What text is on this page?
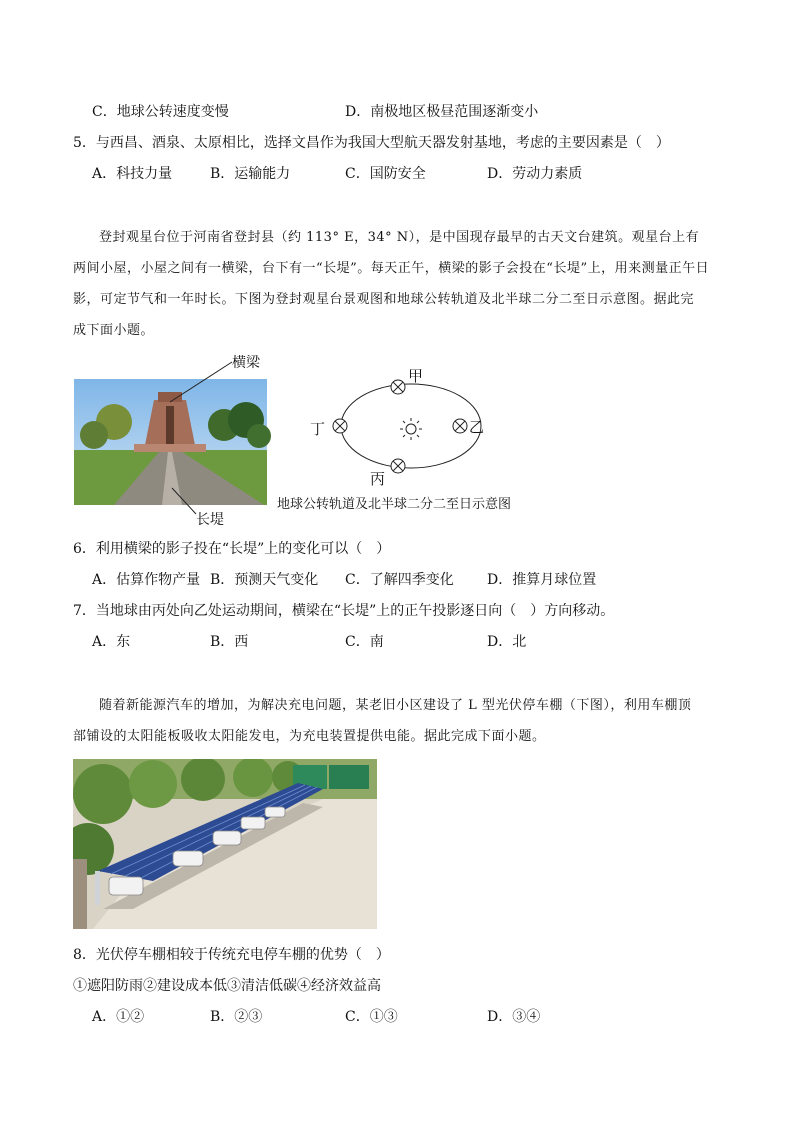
C．地球公转速度变慢	D．南极地区极昼范围逐渐变小
5．与西昌、酒泉、太原相比，选择文昌作为我国大型航天器发射基地，考虑的主要因素是（　）
A．科技力量	B．运输能力	C．国防安全	D．劳动力素质
登封观星台位于河南省登封县（约 113° E，34° N），是中国现存最早的古天文台建筑。观星台上有
两间小屋，小屋之间有一横梁，台下有一“长堤”。每天正午，横梁的影子会投在“长堤”上，用来测量正午日
影，可定节气和一年时长。下图为登封观星台景观图和地球公转轨道及北半球二分二至日示意图。据此完
成下面小题。
横梁
长堤
甲
乙
丙
丁
地球公转轨道及北半球二分二至日示意图
6．利用横梁的影子投在“长堤”上的变化可以（　）
A．估算作物产量 B．预测天气变化 C．了解四季变化 D．推算月球位置
7．当地球由丙处向乙处运动期间，横梁在“长堤”上的正午投影逐日向（　）方向移动。
A．东	B．西	C．南	D．北
随着新能源汽车的增加，为解决充电问题，某老旧小区建设了 L 型光伏停车棚（下图），利用车棚顶
部铺设的太阳能板吸收太阳能发电，为充电装置提供电能。据此完成下面小题。
8．光伏停车棚相较于传统充电停车棚的优势（　）
①遮阳防雨②建设成本低③清洁低碳④经济效益高
A．①②	B．②③	C．①③	D．③④
